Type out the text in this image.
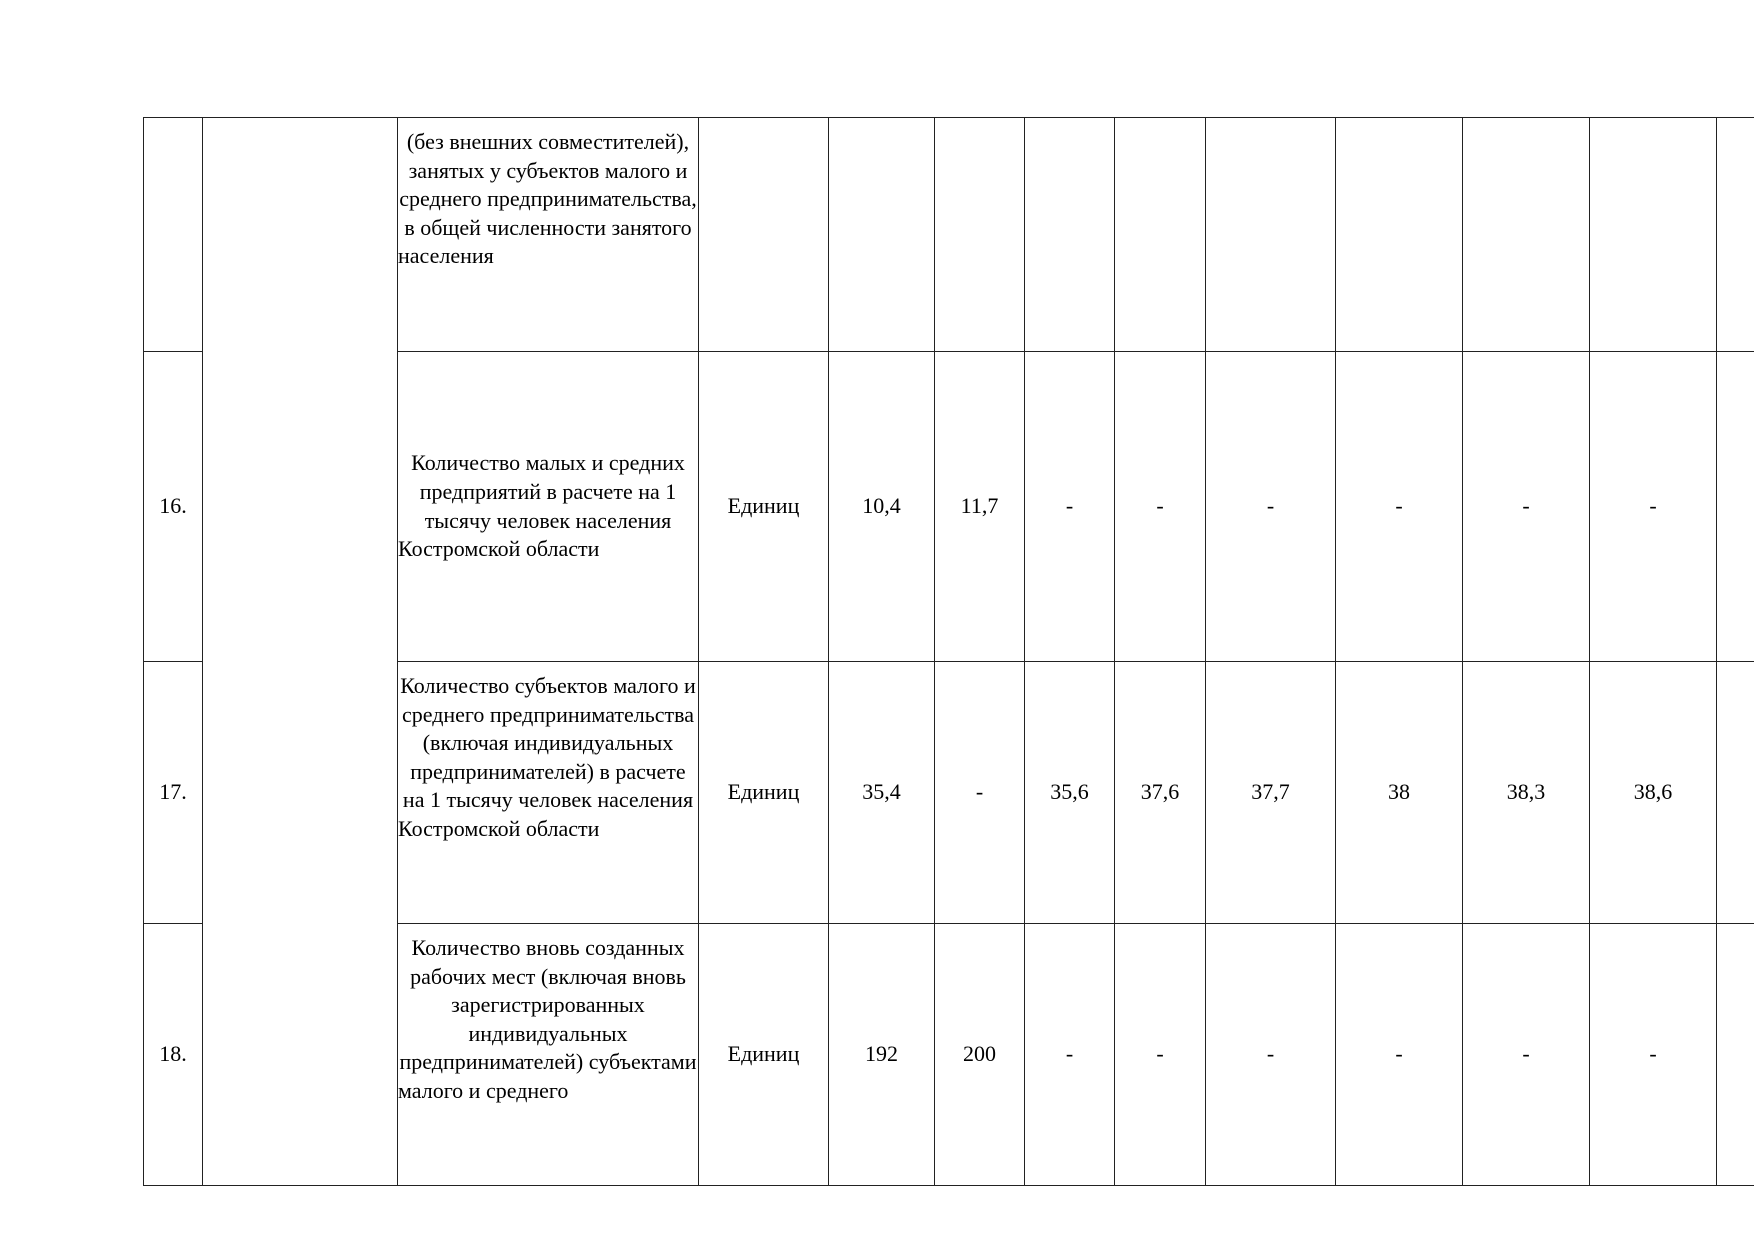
		(без внешних совместителей), занятых у субъектов малого и среднего предпринимательства, в общей численности занятого населения										

16.		Количество малых и средних предприятий в расчете на 1 тысячу человек населения Костромской области	Единиц	10,4	11,7	-	-	-	-	-	-	
17.		Количество субъектов малого и среднего предпринимательства (включая индивидуальных предпринимателей) в расчете на 1 тысячу человек населения Костромской области	Единиц	35,4	-	35,6	37,6	37,7	38	38,3	38,6	
18.		Количество вновь созданных рабочих мест (включая вновь зарегистрированных индивидуальных предпринимателей) субъектами малого и среднего	Единиц	192	200	-	-	-	-	-	-	
